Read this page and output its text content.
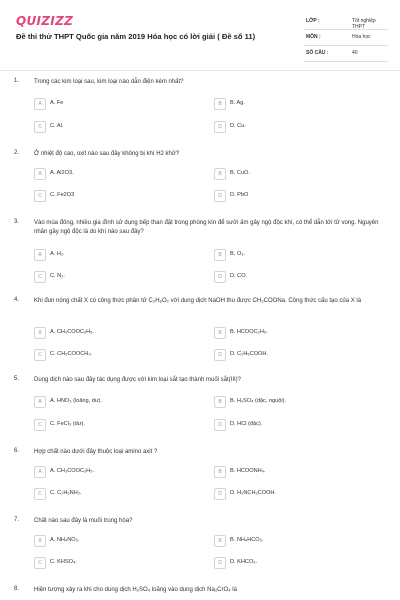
QUIZIZZ
Đề thi thử THPT Quốc gia năm 2019 Hóa học có lời giải ( Đề số 11)
LỚP :	Tốt nghiệp THPT
MÔN :	Hóa học
SỐ CÂU :	40
1. Trong các kim loại sau, kim loại nào dẫn điện kém nhất?
A	A. Fe	B	B. Ag.
C	C. Al.	D	D. Cu.
2. Ở nhiệt độ cao, oxit nào sau đây không bị khí H2 khử?
A	A. Al2O3.	B	B. CuO.
C	C. Fe2O3	D	D. PbO
3. Vào mùa đông, nhiều gia đình sử dụng bếp than đặt trong phòng kín để sưởi ấm gây ngộ độc khí, có thể dẫn tới tử vong. Nguyên nhân gây ngộ độc là do khí nào sau đây?
A	A. H₂.	B	B. O₃.
C	C. N₂.	D	D. CO.
4. Khi đun nóng chất X có công thức phân tử C₃H₆O₂ với dung dịch NaOH thu được CH₃COONa. Công thức cấu tạo của X là
A	A. CH₃COOC₂H₅.	B	B. HCOOC₂H₅.
C	C. CH₃COOCH₃.	D	D. C₂H₅COOH.
5. Dung dịch nào sau đây tác dụng được với kim loại sắt tạo thành muối sắt(III)?
A	A. HNO₃ (loãng, dư).	B	B. H₂SO₄ (đặc, nguội).
C	C. FeCl₃ (dư).	D	D. HCl (đặc).
6. Hợp chất nào dưới đây thuộc loại amino axit ?
A	A. CH₃COOC₂H₅.	B	B. HCOONH₄.
C	C. C₂H₅NH₂.	D	D. H₂NCH₂COOH.
7. Chất nào sau đây là muối trung hòa?
A	A. NH₄NO₃.	B	B. NH₄HCO₃.
C	C. KHSO₄.	D	D. KHCO₃.
8. Hiện tượng xảy ra khi cho dung dịch H₂SO₄ loãng vào dung dịch Na₂CrO₄ là
